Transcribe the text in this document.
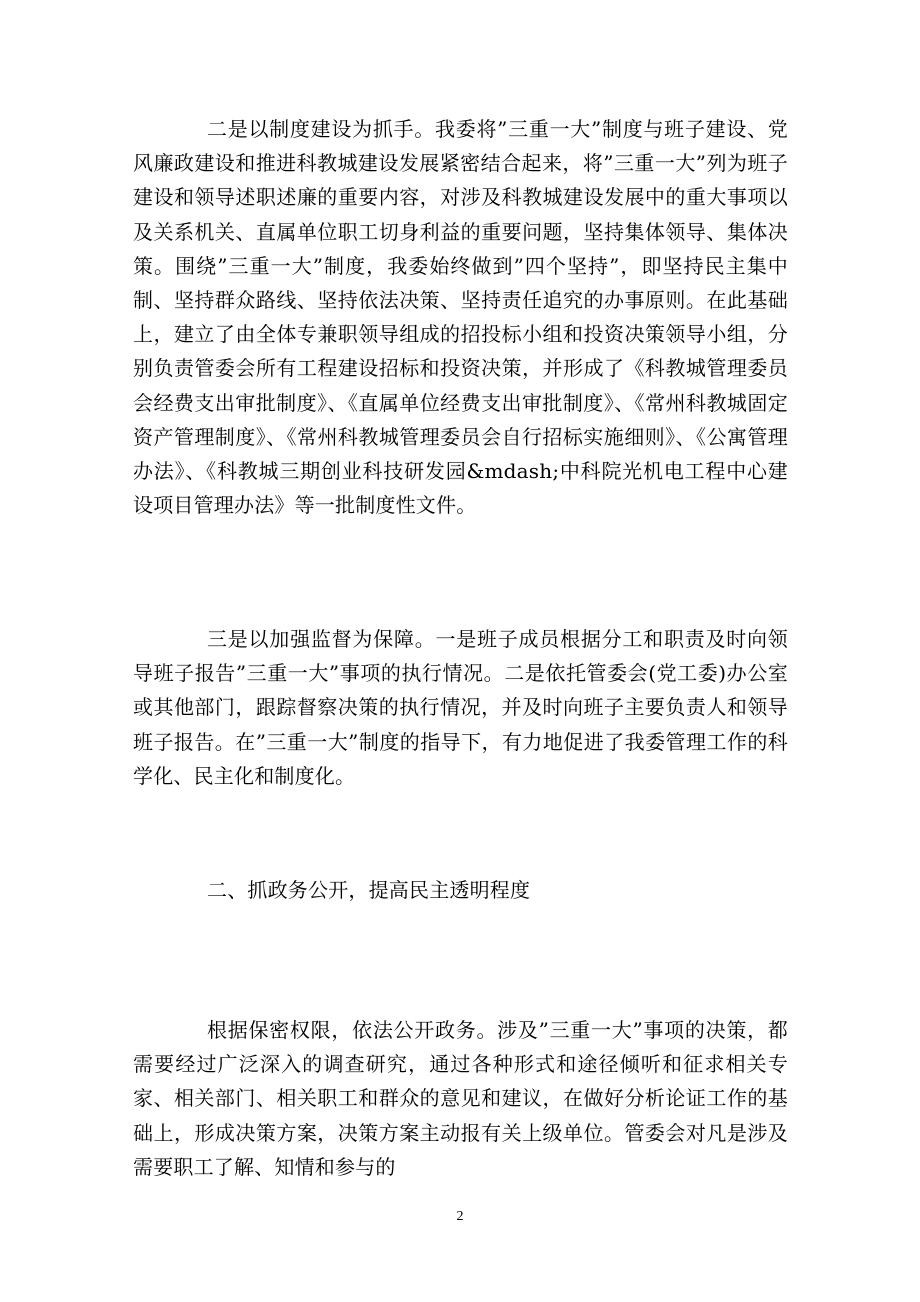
二是以制度建设为抓手。我委将”三重一大”制度与班子建设、党风廉政建设和推进科教城建设发展紧密结合起来，将”三重一大”列为班子建设和领导述职述廉的重要内容，对涉及科教城建设发展中的重大事项以及关系机关、直属单位职工切身利益的重要问题，坚持集体领导、集体决策。围绕”三重一大”制度，我委始终做到”四个坚持”，即坚持民主集中制、坚持群众路线、坚持依法决策、坚持责任追究的办事原则。在此基础上，建立了由全体专兼职领导组成的招投标小组和投资决策领导小组，分别负责管委会所有工程建设招标和投资决策，并形成了《科教城管理委员会经费支出审批制度》、《直属单位经费支出审批制度》、《常州科教城固定资产管理制度》、《常州科教城管理委员会自行招标实施细则》、《公寓管理办法》、《科教城三期创业科技研发园&mdash;中科院光机电工程中心建设项目管理办法》等一批制度性文件。

三是以加强监督为保障。一是班子成员根据分工和职责及时向领导班子报告”三重一大”事项的执行情况。二是依托管委会(党工委)办公室或其他部门，跟踪督察决策的执行情况，并及时向班子主要负责人和领导班子报告。在”三重一大”制度的指导下，有力地促进了我委管理工作的科学化、民主化和制度化。

二、抓政务公开，提高民主透明程度

根据保密权限，依法公开政务。涉及”三重一大”事项的决策，都需要经过广泛深入的调查研究，通过各种形式和途径倾听和征求相关专家、相关部门、相关职工和群众的意见和建议，在做好分析论证工作的基础上，形成决策方案，决策方案主动报有关上级单位。管委会对凡是涉及需要职工了解、知情和参与的

2
